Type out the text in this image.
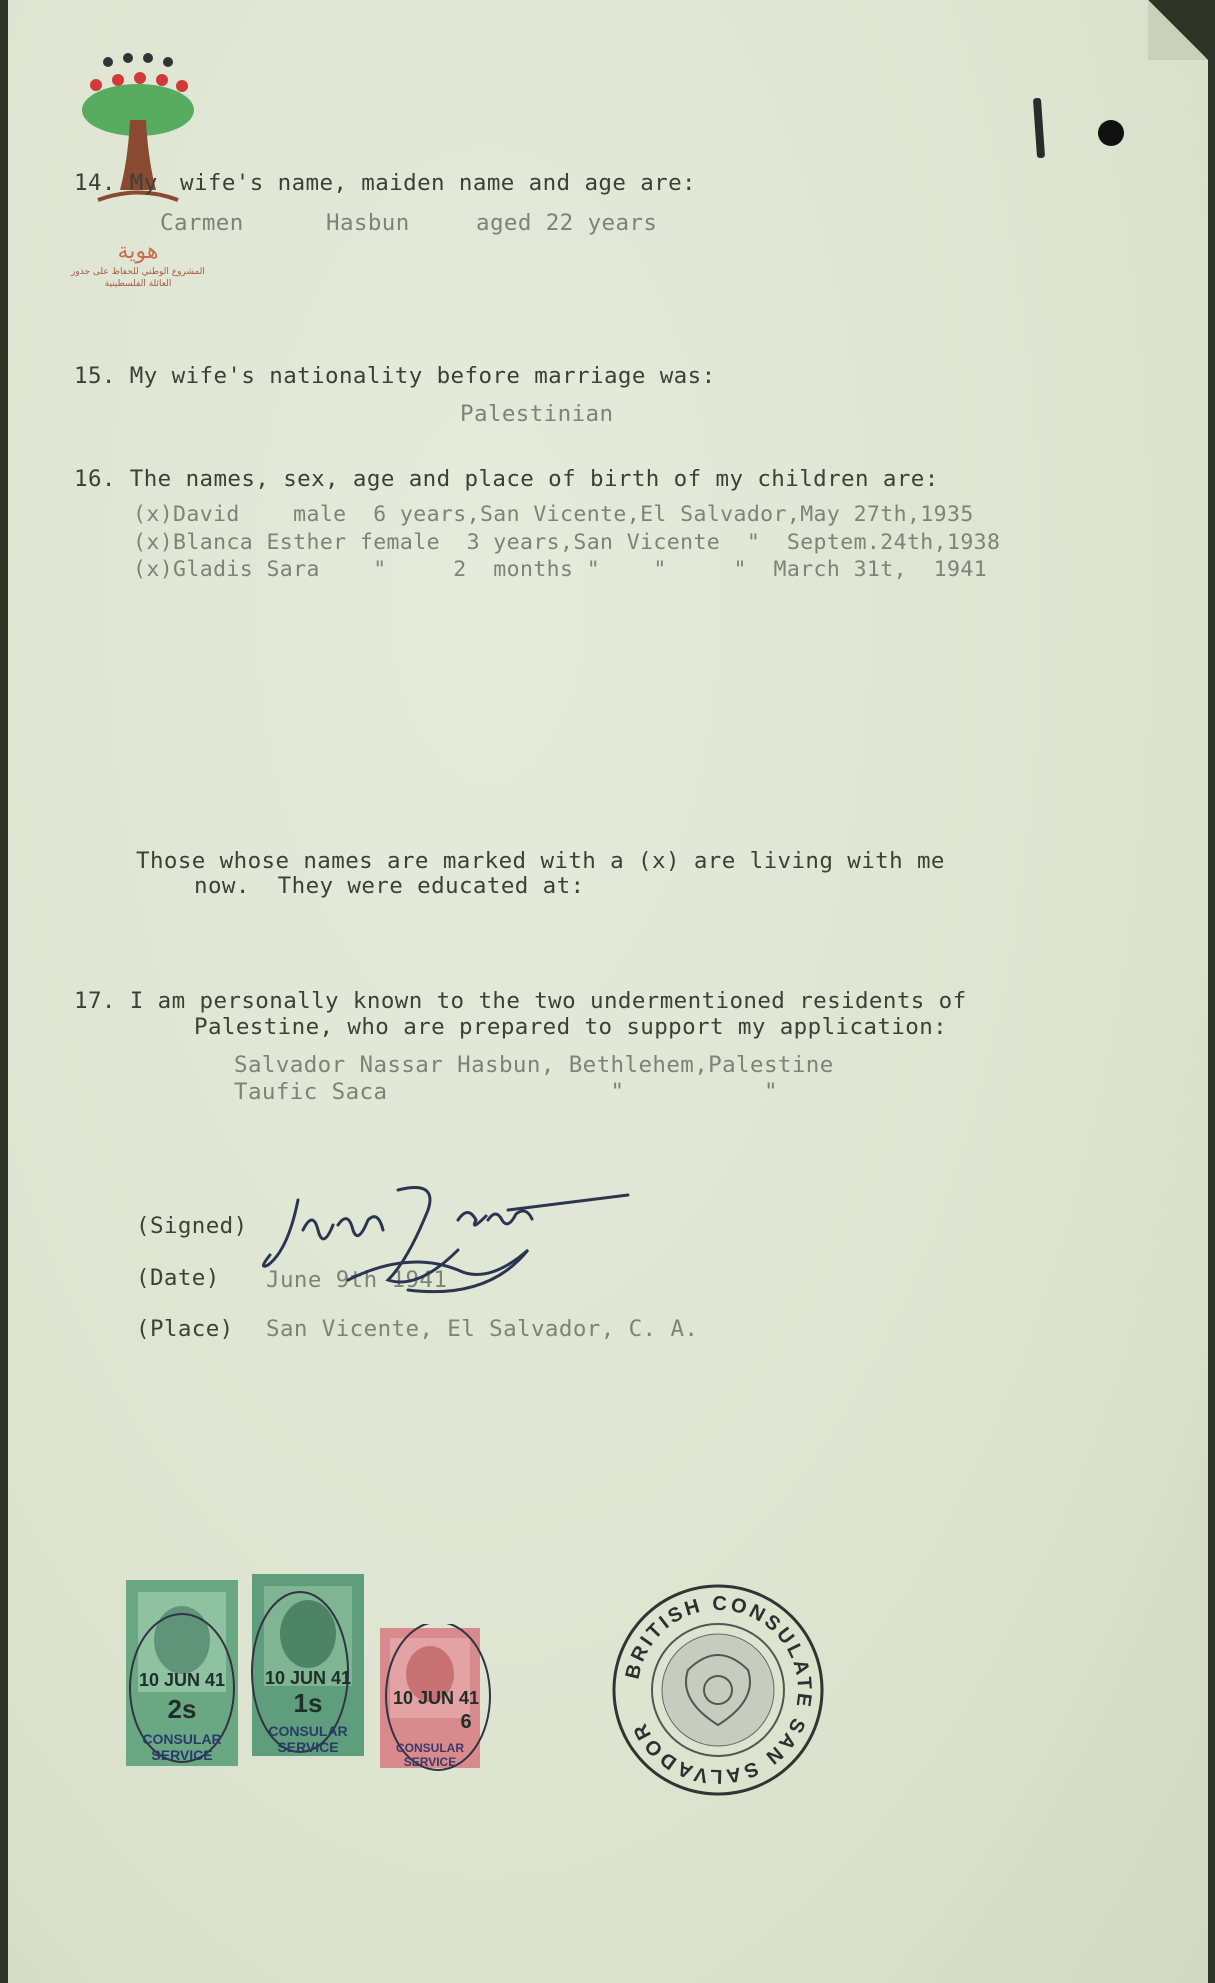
هوية
المشروع الوطني للحفاظ على جذور العائلة الفلسطينية
14. My wife's name, maiden name and age are:
Carmen	Hasbun	aged 22 years
15. My wife's nationality before marriage was:
Palestinian
16. The names, sex, age and place of birth of my children are:
(x)David    male  6 years,San Vicente,El Salvador,May 27th,1935
(x)Blanca Esther female  3 years,San Vicente  "  Septem.24th,1938
(x)Gladis Sara    "     2  months "    "     "  March 31t,  1941
Those whose names are marked with a (x) are living with me
now.  They were educated at:
17. I am personally known to the two undermentioned residents of
Palestine, who are prepared to support my application:
Salvador Nassar Hasbun, Bethlehem,Palestine
Taufic Saca                "          "
(Signed)
(Date) June 9th 1941
(Place) San Vicente, El Salvador, C. A.
10 JUN 41
2s
CONSULAR
SERVICE
10 JUN 41
1s
CONSULAR
SERVICE
10 JUN 41
6
CONSULAR
SERVICE
BRITISH CONSULATE SAN SALVADOR
